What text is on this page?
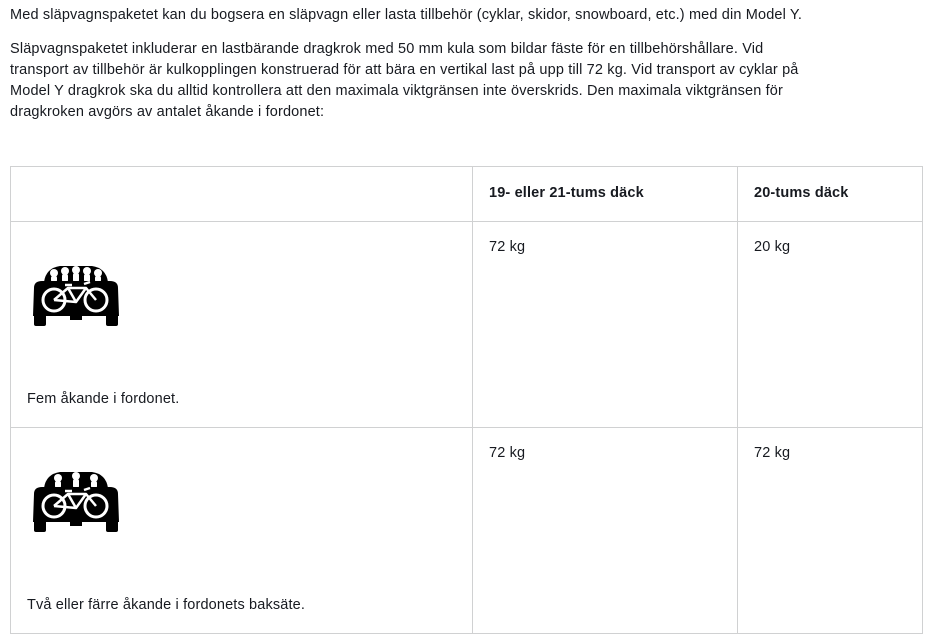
Med släpvagnspaketet kan du bogsera en släpvagn eller lasta tillbehör (cyklar, skidor, snowboard, etc.) med din Model Y.

Släpvagnspaketet inkluderar en lastbärande dragkrok med 50 mm kula som bildar fäste för en tillbehörshållare. Vid transport av tillbehör är kulkopplingen konstruerad för att bära en vertikal last på upp till 72 kg. Vid transport av cyklar på Model Y dragkrok ska du alltid kontrollera att den maximala viktgränsen inte överskrids. Den maximala viktgränsen för dragkroken avgörs av antalet åkande i fordonet:

	19- eller 21-tums däck	20-tums däck

Fem åkande i fordonet.	72 kg	20 kg

Två eller färre åkande i fordonets baksäte.	72 kg	72 kg
